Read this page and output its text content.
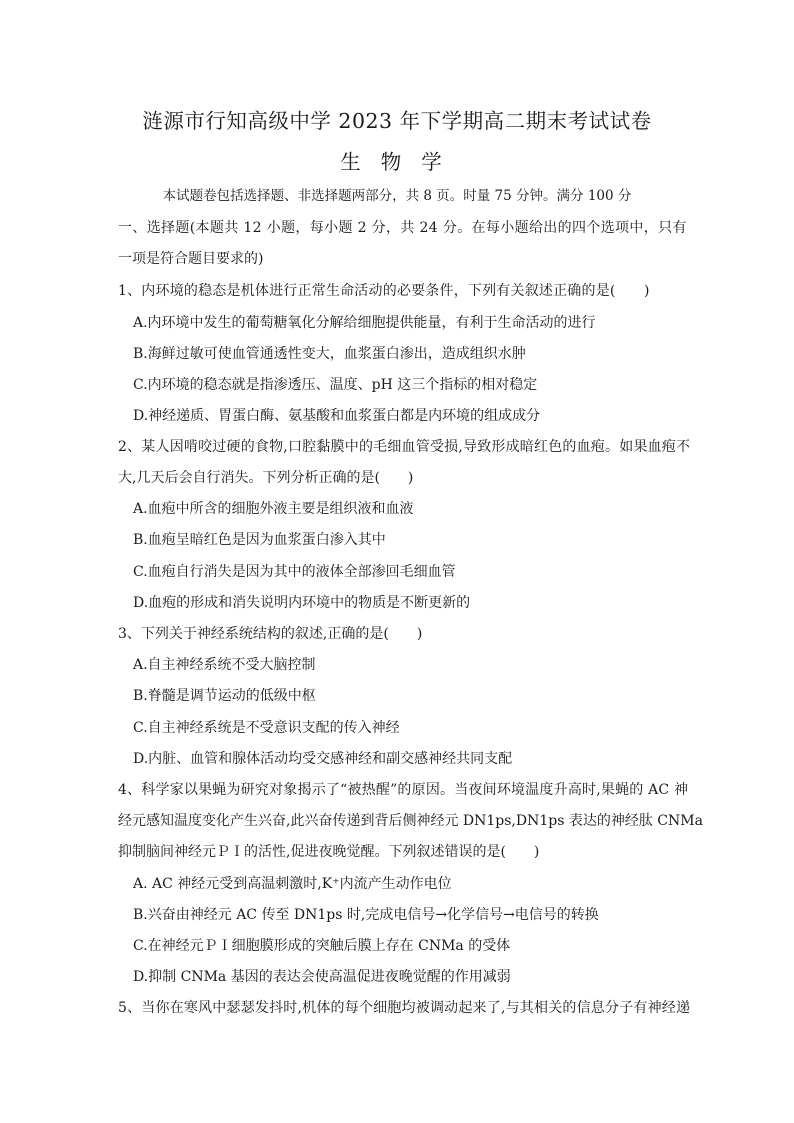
涟源市行知高级中学 2023 年下学期高二期末考试试卷
生物学
本试题卷包括选择题、非选择题两部分，共 8 页。时量 75 分钟。满分 100 分
一、选择题(本题共 12 小题，每小题 2 分，共 24 分。在每小题给出的四个选项中，只有
一项是符合题目要求的)
1、内环境的稳态是机体进行正常生命活动的必要条件，下列有关叙述正确的是(　　)
A.内环境中发生的葡萄糖氧化分解给细胞提供能量，有利于生命活动的进行
B.海鲜过敏可使血管通透性变大，血浆蛋白渗出，造成组织水肿
C.内环境的稳态就是指渗透压、温度、pH 这三个指标的相对稳定
D.神经递质、胃蛋白酶、氨基酸和血浆蛋白都是内环境的组成成分
2、某人因啃咬过硬的食物,口腔黏膜中的毛细血管受损,导致形成暗红色的血疱。如果血疱不
大,几天后会自行消失。下列分析正确的是(　　)
A.血疱中所含的细胞外液主要是组织液和血液
B.血疱呈暗红色是因为血浆蛋白渗入其中
C.血疱自行消失是因为其中的液体全部渗回毛细血管
D.血疱的形成和消失说明内环境中的物质是不断更新的
3、下列关于神经系统结构的叙述,正确的是(　　)
A.自主神经系统不受大脑控制
B.脊髓是调节运动的低级中枢
C.自主神经系统是不受意识支配的传入神经
D.内脏、血管和腺体活动均受交感神经和副交感神经共同支配
4、科学家以果蝇为研究对象揭示了“被热醒”的原因。当夜间环境温度升高时,果蝇的 AC 神
经元感知温度变化产生兴奋,此兴奋传递到背后侧神经元 DN1ps,DN1ps 表达的神经肽 CNMa
抑制脑间神经元ＰＩ的活性,促进夜晚觉醒。下列叙述错误的是(　　)
A. AC 神经元受到高温刺激时,K⁺内流产生动作电位
B.兴奋由神经元 AC 传至 DN1ps 时,完成电信号→化学信号→电信号的转换
C.在神经元ＰＩ细胞膜形成的突触后膜上存在 CNMa 的受体
D.抑制 CNMa 基因的表达会使高温促进夜晚觉醒的作用减弱
5、当你在寒风中瑟瑟发抖时,机体的每个细胞均被调动起来了,与其相关的信息分子有神经递
